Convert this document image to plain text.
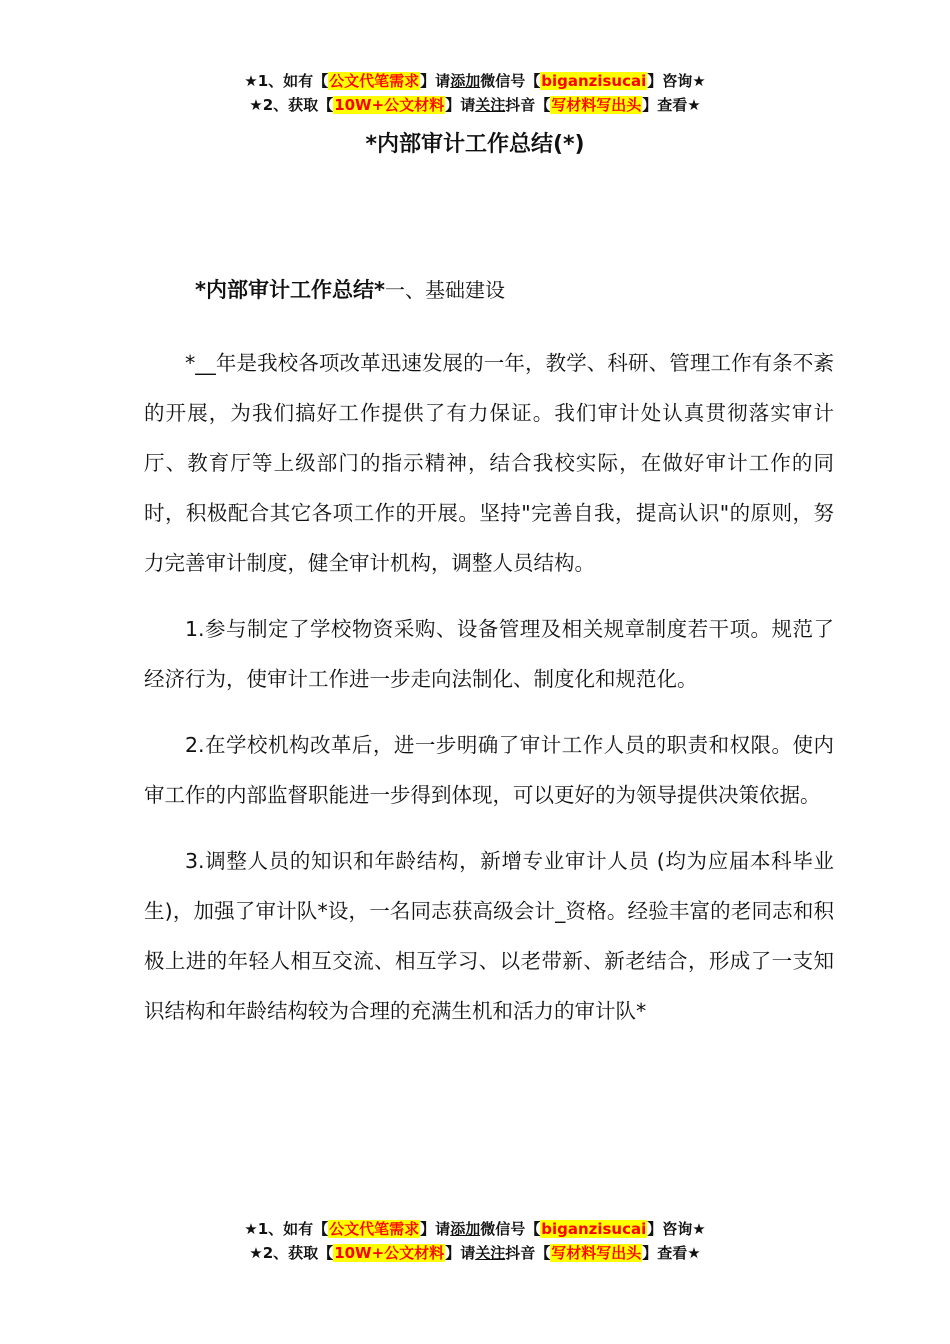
★1、如有【公文代笔需求】请添加微信号【biganzisucai】咨询★
★2、获取【10W+公文材料】请关注抖音【写材料写出头】查看★
*内部审计工作总结(*)
*内部审计工作总结*一、基础建设

*__年是我校各项改革迅速发展的一年，教学、科研、管理工作有条不紊的开展，为我们搞好工作提供了有力保证。我们审计处认真贯彻落实审计厅、教育厅等上级部门的指示精神，结合我校实际，在做好审计工作的同时，积极配合其它各项工作的开展。坚持"完善自我，提高认识"的原则，努力完善审计制度，健全审计机构，调整人员结构。

1.参与制定了学校物资采购、设备管理及相关规章制度若干项。规范了经济行为，使审计工作进一步走向法制化、制度化和规范化。

2.在学校机构改革后，进一步明确了审计工作人员的职责和权限。使内审工作的内部监督职能进一步得到体现，可以更好的为领导提供决策依据。

3.调整人员的知识和年龄结构，新增专业审计人员 (均为应届本科毕业生)，加强了审计队*设，一名同志获高级会计_资格。经验丰富的老同志和积极上进的年轻人相互交流、相互学习、以老带新、新老结合，形成了一支知识结构和年龄结构较为合理的充满生机和活力的审计队*

★1、如有【公文代笔需求】请添加微信号【biganzisucai】咨询★
★2、获取【10W+公文材料】请关注抖音【写材料写出头】查看★
